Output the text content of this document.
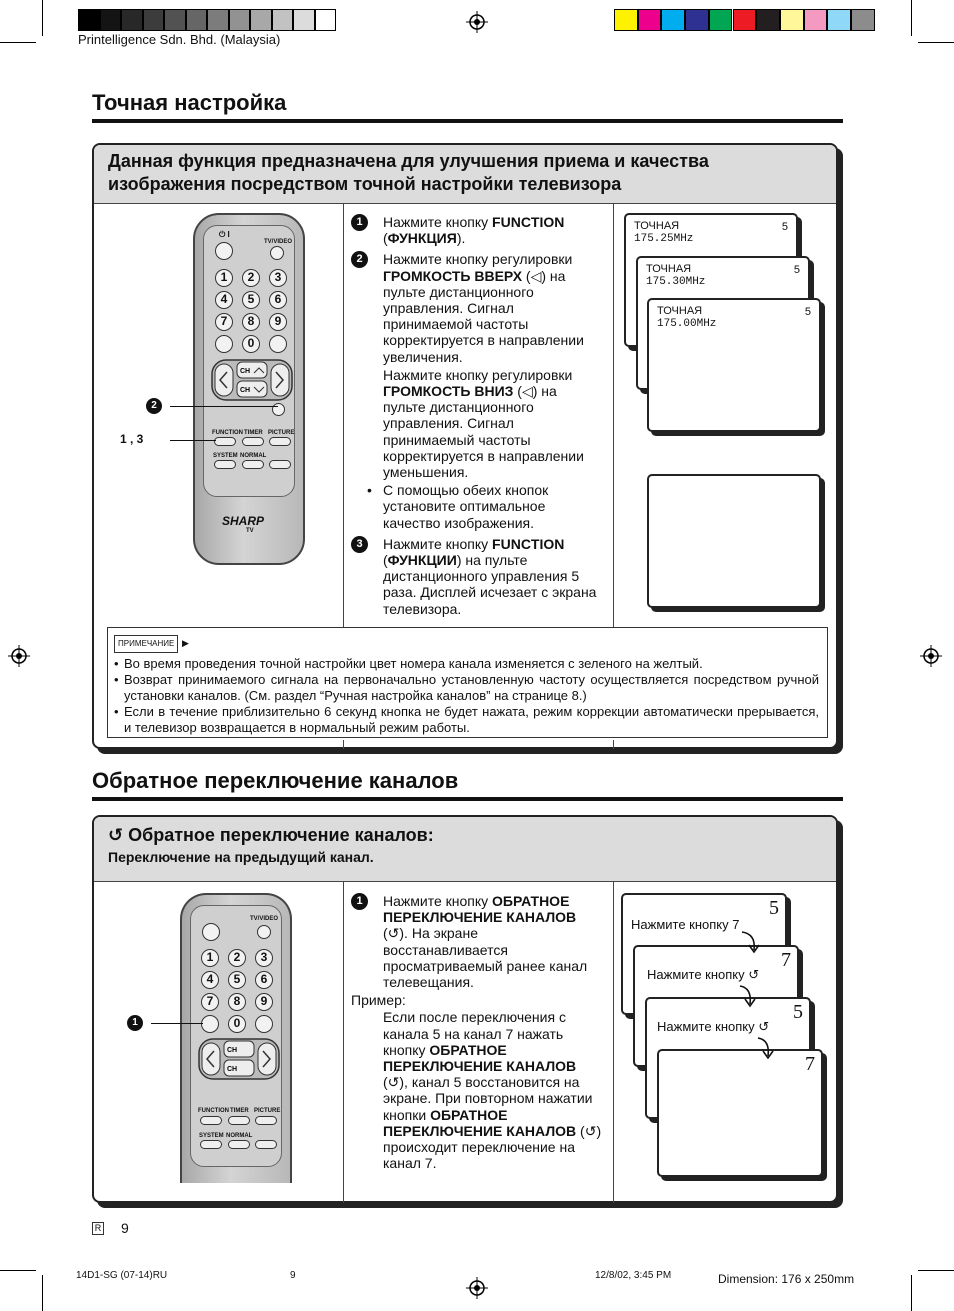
Printelligence Sdn. Bhd. (Malaysia)
Точная настройка
Данная функция предназначена для улучшения приема и качества изображения посредством точной настройки телевизора
⏻ I
TV/VIDEO
1	2	3
4	5	6
7	8	9
0
CH
CH
FUNCTION TIMER PICTURE
SYSTEM NORMAL
SHARP
TV
2
1 , 3
1	Нажмите кнопку FUNCTION (ФУНКЦИЯ).
2	Нажмите кнопку регулировки ГРОМКОСТЬ ВВЕРХ (◁) на пульте дистанционного управления. Сигнал принимаемой частоты корректируется в направлении увеличения.
Нажмите кнопку регулировки ГРОМКОСТЬ ВНИЗ (◁) на пульте дистанционного управления. Сигнал принимаемый частоты корректируется в направлении уменьшения.
• С помощью обеих кнопок установите оптимальное качество изображения.
3	Нажмите кнопку FUNCTION (ФУНКЦИИ) на пульте дистанционного управления 5 раза. Дисплей исчезает с экрана телевизора.
ТОЧНАЯ
175.25MHz
5
ТОЧНАЯ
175.30MHz
5
ТОЧНАЯ
175.00MHz
5
ПРИМЕЧАНИЕ ▶
• Во время проведения точной настройки цвет номера канала изменяется с зеленого на желтый.
• Возврат принимаемого сигнала на первоначально установленную частоту осуществляется посредством ручной установки каналов. (См. раздел “Ручная настройка каналов” на странице 8.)
• Если в течение приблизительно 6 секунд кнопка не будет нажата, режим коррекции автоматически прерывается, и телевизор возвращается в нормальный режим работы.
Обратное переключение каналов
↺ Обратное переключение каналов:
Переключение на предыдущий канал.
TV/VIDEO
1	2	3
4	5	6
7	8	9
0
CH
CH
FUNCTION TIMER PICTURE
SYSTEM NORMAL
1
1	Нажмите кнопку ОБРАТНОЕ ПЕРЕКЛЮЧЕНИЕ КАНАЛОВ (↺). На экране восстанавливается просматриваемый ранее канал телевещания.
Пример:
Если после переключения с канала 5 на канал 7 нажать кнопку ОБРАТНОЕ ПЕРЕКЛЮЧЕНИЕ КАНАЛОВ (↺), канал 5 восстановится на экране. При повторном нажатии кнопки ОБРАТНОЕ ПЕРЕКЛЮЧЕНИЕ КАНАЛОВ (↺) происходит переключение на канал 7.
Нажмите кнопку 7
5
Нажмите кнопку ↺
7
Нажмите кнопку ↺
5
7
R 9
14D1-SG (07-14)RU	9	12/8/02, 3:45 PM	Dimension: 176 x 250mm
